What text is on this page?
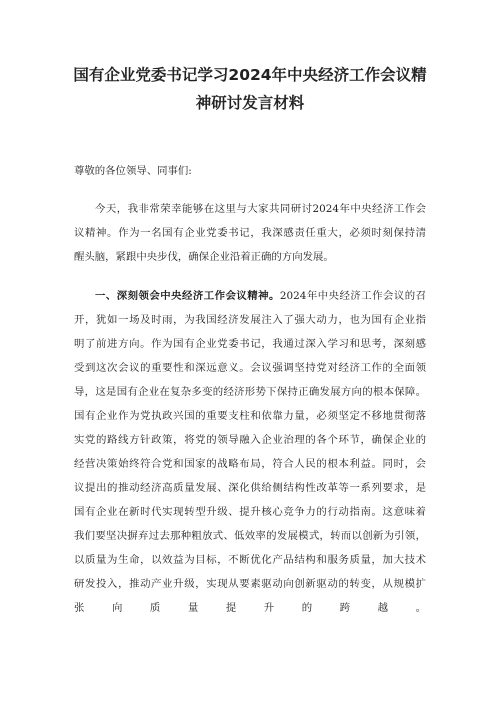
国有企业党委书记学习2024年中央经济工作会议精
神研讨发言材料

尊敬的各位领导、同事们:

今天，我非常荣幸能够在这里与大家共同研讨2024年中央经济工作会

议精神。作为一名国有企业党委书记，我深感责任重大，必须时刻保持清

醒头脑，紧跟中央步伐，确保企业沿着正确的方向发展。

一、深刻领会中央经济工作会议精神。2024年中央经济工作会议的召

开，犹如一场及时雨，为我国经济发展注入了强大动力，也为国有企业指

明了前进方向。作为国有企业党委书记，我通过深入学习和思考，深刻感

受到这次会议的重要性和深远意义。会议强调坚持党对经济工作的全面领

导，这是国有企业在复杂多变的经济形势下保持正确发展方向的根本保障。

国有企业作为党执政兴国的重要支柱和依靠力量，必须坚定不移地贯彻落

实党的路线方针政策，将党的领导融入企业治理的各个环节，确保企业的

经营决策始终符合党和国家的战略布局，符合人民的根本利益。同时，会

议提出的推动经济高质量发展、深化供给侧结构性改革等一系列要求，是

国有企业在新时代实现转型升级、提升核心竞争力的行动指南。这意味着

我们要坚决摒弃过去那种粗放式、低效率的发展模式，转而以创新为引领，

以质量为生命，以效益为目标，不断优化产品结构和服务质量，加大技术

研发投入，推动产业升级，实现从要素驱动向创新驱动的转变，从规模扩

张向质量提升的跨越。
